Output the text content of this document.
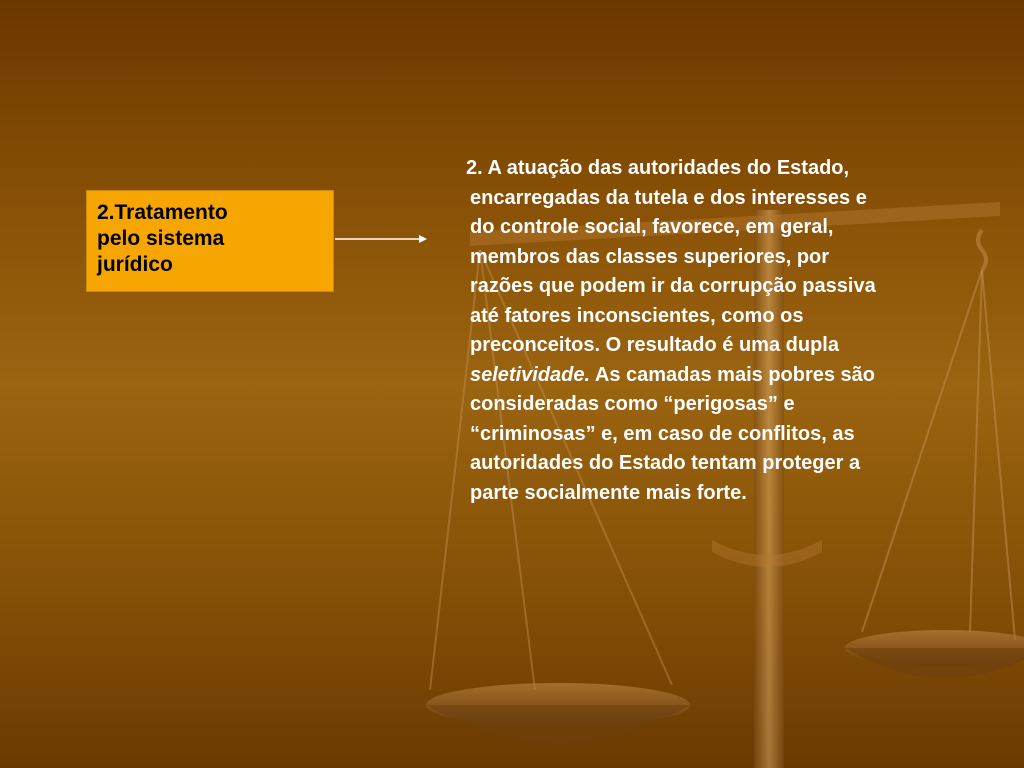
2.Tratamento
pelo sistema
jurídico

2. A atuação das autoridades do Estado,
encarregadas da tutela e dos interesses e
do controle social, favorece, em geral,
membros das classes superiores, por
razões que podem ir da corrupção passiva
até fatores inconscientes, como os
preconceitos. O resultado é uma dupla
seletividade. As camadas mais pobres são
consideradas como “perigosas” e
“criminosas” e, em caso de conflitos, as
autoridades do Estado tentam proteger a
parte socialmente mais forte.
